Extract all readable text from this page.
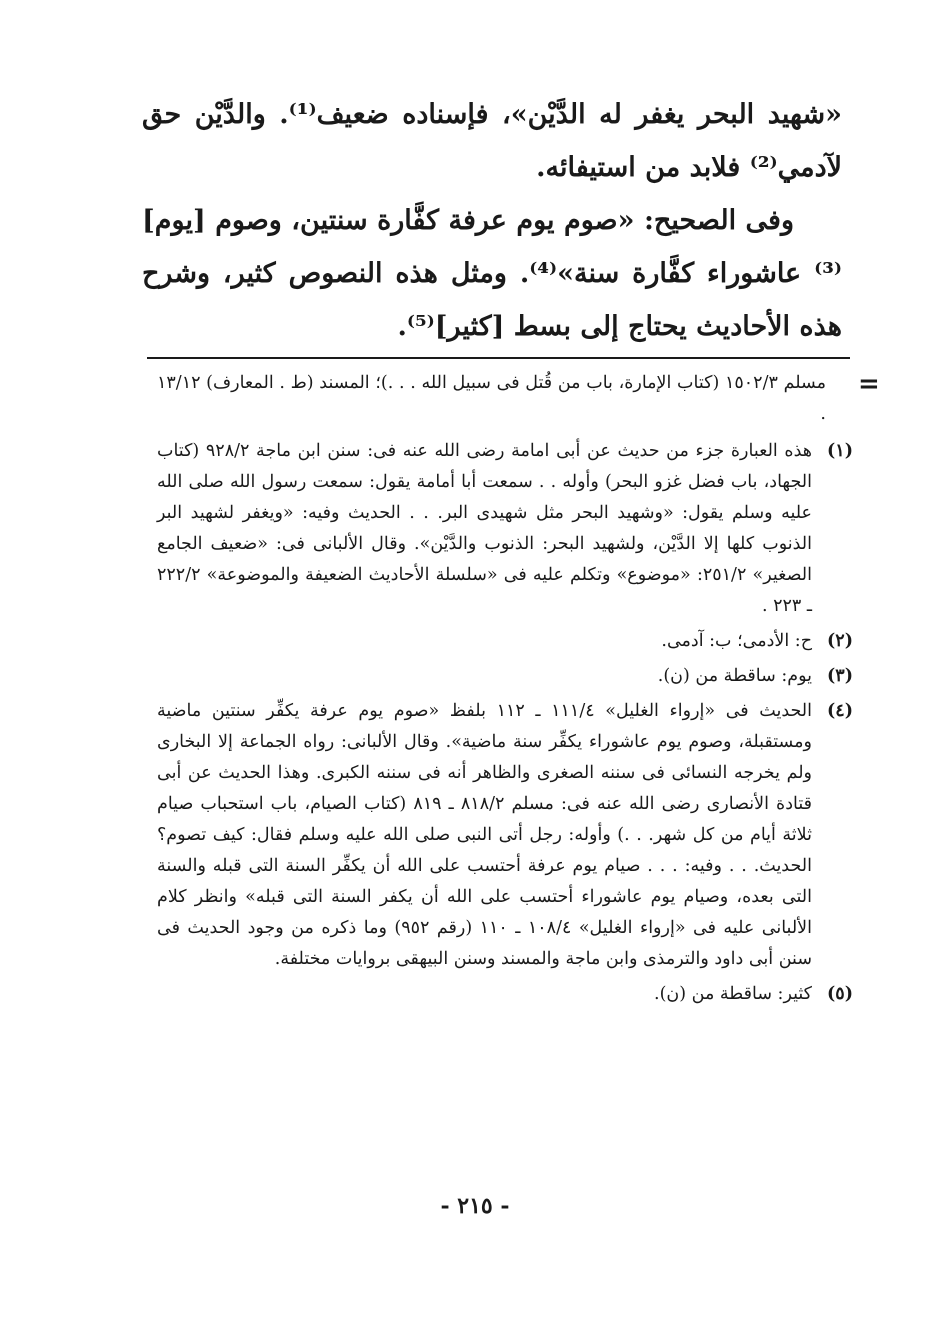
«شهيد البحر يغفر له الدَّيْن»، فإسناده ضعيف⁽¹⁾. والدَّيْن حق لآدمي⁽²⁾ فلابد من استيفائه.

وفى الصحيح: «صوم يوم عرفة كفَّارة سنتين، وصوم [يوم]⁽³⁾ عاشوراء كفَّارة سنة»⁽⁴⁾. ومثل هذه النصوص كثير، وشرح هذه الأحاديث يحتاج إلى بسط [كثير]⁽⁵⁾.

=

مسلم ١٥٠٢/٣ (كتاب الإمارة، باب من قُتل فى سبيل الله . . .)؛ المسند (ط . المعارف) ١٣/١٢ .

(١)
هذه العبارة جزء من حديث عن أبى امامة رضى الله عنه فى: سنن ابن ماجة ٩٢٨/٢ (كتاب الجهاد، باب فضل غزو البحر) وأوله . . سمعت أبا أمامة يقول: سمعت رسول الله صلى الله عليه وسلم يقول: «وشهيد البحر مثل شهيدى البر. . . الحديث وفيه: «ويغفر لشهيد البر الذنوب كلها إلا الدَّيْن، ولشهيد البحر: الذنوب والدَّيْن». وقال الألبانى فى: «ضعيف الجامع الصغير» ٢٥١/٢: «موضوع» وتكلم عليه فى «سلسلة الأحاديث الضعيفة والموضوعة» ٢٢٢/٢ ـ ٢٢٣ .
(٢)
ح: الأدمى؛ ب: آدمى.
(٣)
يوم: ساقطة من (ن).
(٤)
الحديث فى «إرواء الغليل» ١١١/٤ ـ ١١٢ بلفظ «صوم يوم عرفة يكفِّر سنتين ماضية ومستقبلة، وصوم يوم عاشوراء يكفِّر سنة ماضية». وقال الألبانى: رواه الجماعة إلا البخارى ولم يخرجه النسائى فى سننه الصغرى والظاهر أنه فى سننه الكبرى. وهذا الحديث عن أبى قتادة الأنصارى رضى الله عنه فى: مسلم ٨١٨/٢ ـ ٨١٩ (كتاب الصيام، باب استحباب صيام ثلاثة أيام من كل شهر. . .) وأوله: رجل أتى النبى صلى الله عليه وسلم فقال: كيف تصوم؟ الحديث. . . وفيه: . . . صيام يوم عرفة أحتسب على الله أن يكفِّر السنة التى قبله والسنة التى بعده، وصيام يوم عاشوراء أحتسب على الله أن يكفر السنة التى قبله» وانظر كلام الألبانى عليه فى «إرواء الغليل» ١٠٨/٤ ـ ١١٠ (رقم ٩٥٢) وما ذكره من وجود الحديث فى سنن أبى داود والترمذى وابن ماجة والمسند وسنن البيهقى بروايات مختلفة.
(٥)
كثير: ساقطة من (ن).
- ٢١٥ -
